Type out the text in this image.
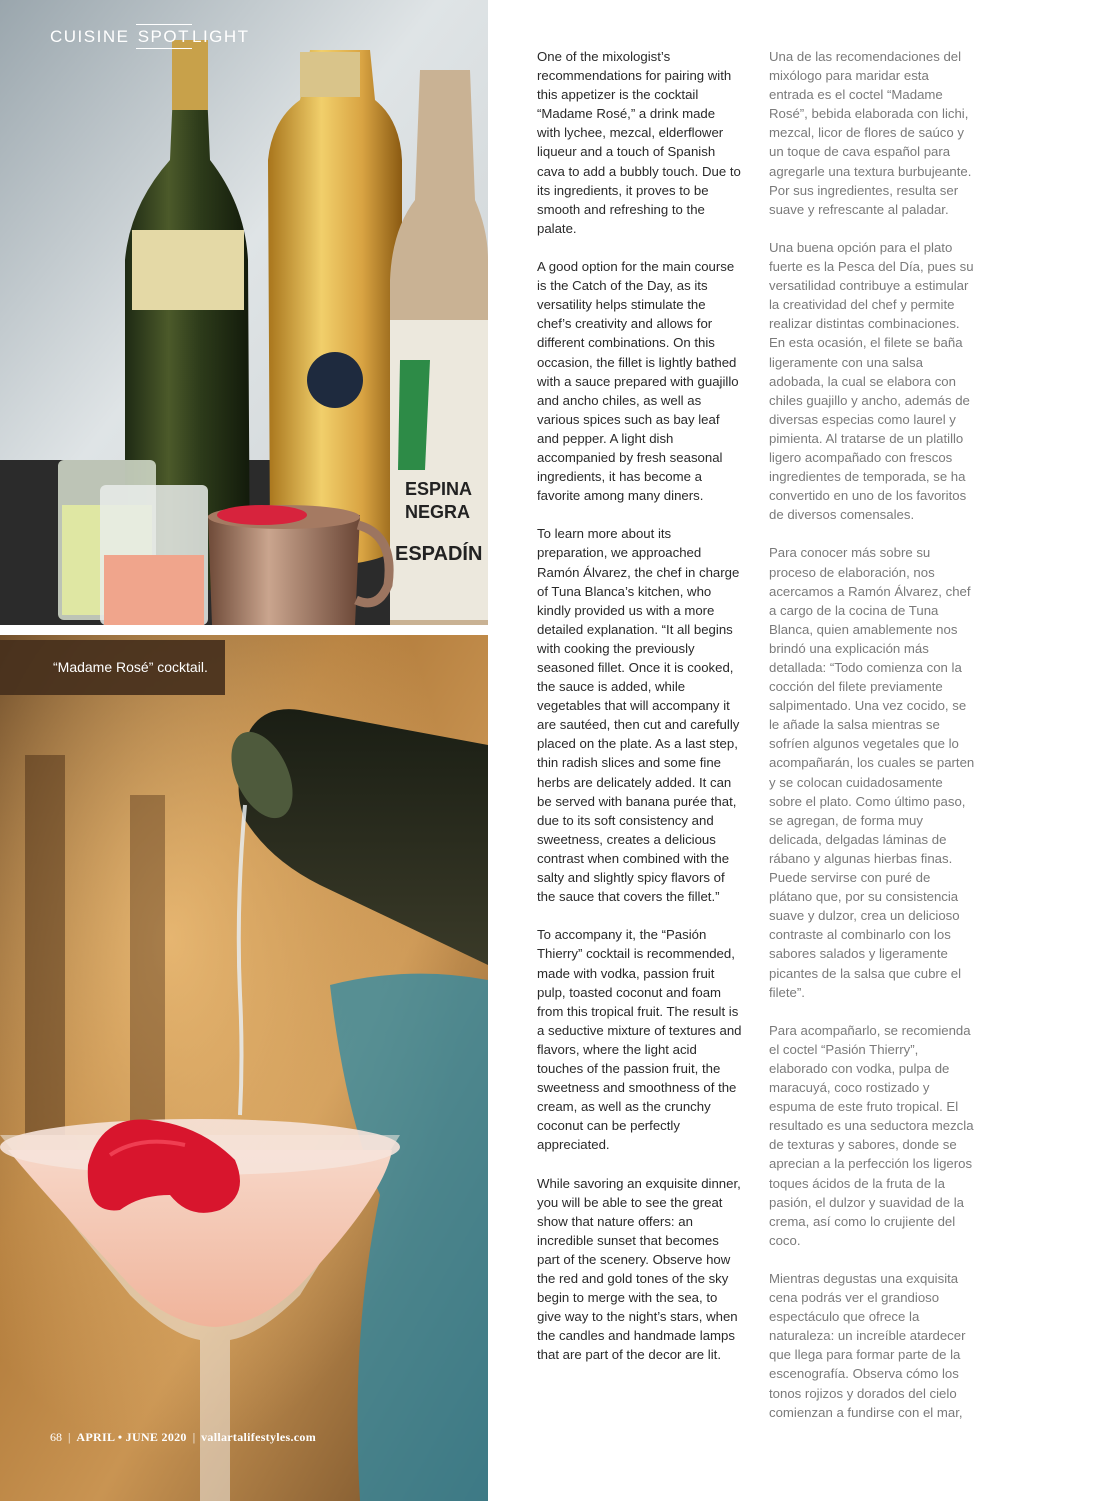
ESPINA
NEGRA
ESPADÍN
CUISINE SPOT LIGHT
“Madame Rosé” cocktail.
68 | APRIL • JUNE 2020 | vallartalifestyles.com

One of the mixologist’s recommendations for pairing with this appetizer is the cocktail “Madame Rosé,” a drink made with lychee, mezcal, elderflower liqueur and a touch of Spanish cava to add a bubbly touch. Due to its ingredients, it proves to be smooth and refreshing to the palate.

A good option for the main course is the Catch of the Day, as its versatility helps stimulate the chef’s creativity and allows for different combinations. On this occasion, the fillet is lightly bathed with a sauce prepared with guajillo and ancho chiles, as well as various spices such as bay leaf and pepper. A light dish accompanied by fresh seasonal ingredients, it has become a favorite among many diners.

To learn more about its preparation, we approached Ramón Álvarez, the chef in charge of Tuna Blanca’s kitchen, who kindly provided us with a more detailed explanation. “It all begins with cooking the previously seasoned fillet. Once it is cooked, the sauce is added, while vegetables that will accompany it are sautéed, then cut and carefully placed on the plate. As a last step, thin radish slices and some fine herbs are delicately added. It can be served with banana purée that, due to its soft consistency and sweetness, creates a delicious contrast when combined with the salty and slightly spicy flavors of the sauce that covers the fillet.”

To accompany it, the “Pasión Thierry” cocktail is recommended, made with vodka, passion fruit pulp, toasted coconut and foam from this tropical fruit. The result is a seductive mixture of textures and flavors, where the light acid touches of the passion fruit, the sweetness and smoothness of the cream, as well as the crunchy coconut can be perfectly appreciated.

While savoring an exquisite dinner, you will be able to see the great show that nature offers: an incredible sunset that becomes part of the scenery. Observe how the red and gold tones of the sky begin to merge with the sea, to give way to the night’s stars, when the candles and handmade lamps that are part of the decor are lit.

Una de las recomendaciones del mixólogo para maridar esta entrada es el coctel “Madame Rosé”, bebida elaborada con lichi, mezcal, licor de flores de saúco y un toque de cava español para agregarle una textura burbujeante. Por sus ingredientes, resulta ser suave y refrescante al paladar.

Una buena opción para el plato fuerte es la Pesca del Día, pues su versatilidad contribuye a estimular la creatividad del chef y permite realizar distintas combinaciones. En esta ocasión, el filete se baña ligeramente con una salsa adobada, la cual se elabora con chiles guajillo y ancho, además de diversas especias como laurel y pimienta. Al tratarse de un platillo ligero acompañado con frescos ingredientes de temporada, se ha convertido en uno de los favoritos de diversos comensales.

Para conocer más sobre su proceso de elaboración, nos acercamos a Ramón Álvarez, chef a cargo de la cocina de Tuna Blanca, quien amablemente nos brindó una explicación más detallada: “Todo comienza con la cocción del filete previamente salpimentado. Una vez cocido, se le añade la salsa mientras se sofríen algunos vegetales que lo acompañarán, los cuales se parten y se colocan cuidadosamente sobre el plato. Como último paso, se agregan, de forma muy delicada, delgadas láminas de rábano y algunas hierbas finas. Puede servirse con puré de plátano que, por su consistencia suave y dulzor, crea un delicioso contraste al combinarlo con los sabores salados y ligeramente picantes de la salsa que cubre el filete”.

Para acompañarlo, se recomienda el coctel “Pasión Thierry”, elaborado con vodka, pulpa de maracuyá, coco rostizado y espuma de este fruto tropical. El resultado es una seductora mezcla de texturas y sabores, donde se aprecian a la perfección los ligeros toques ácidos de la fruta de la pasión, el dulzor y suavidad de la crema, así como lo crujiente del coco.

Mientras degustas una exquisita cena podrás ver el grandioso espectáculo que ofrece la naturaleza: un increíble atardecer que llega para formar parte de la escenografía. Observa cómo los tonos rojizos y dorados del cielo comienzan a fundirse con el mar,
